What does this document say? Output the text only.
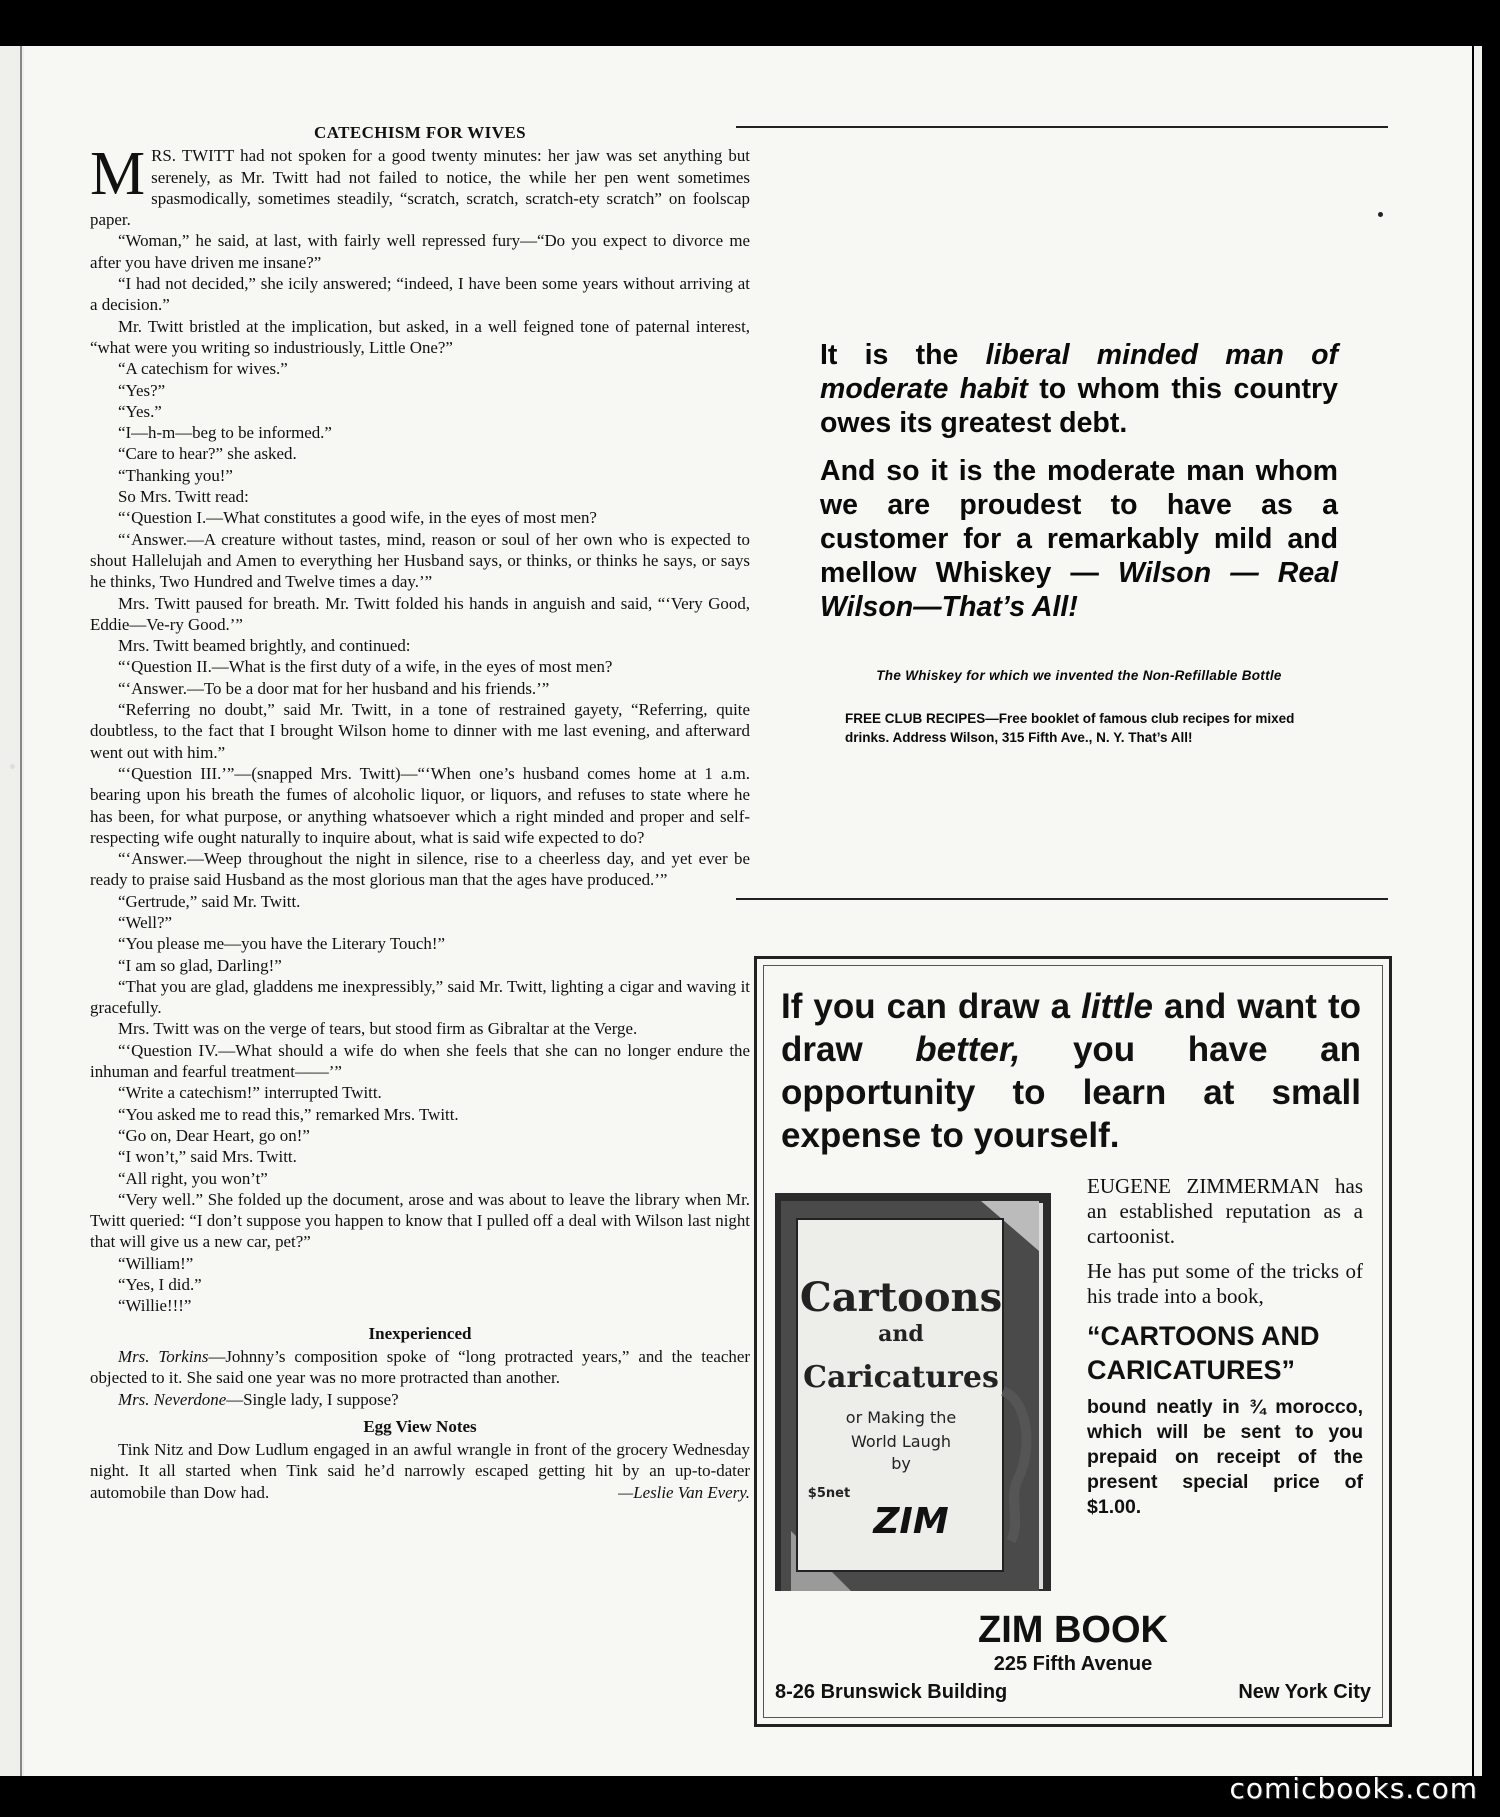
CATECHISM FOR WIVES

MRS. TWITT had not spoken for a good twenty minutes: her jaw was set anything but serenely, as Mr. Twitt had not failed to notice, the while her pen went sometimes spasmodically, sometimes steadily, “scratch, scratch, scratch-ety scratch” on foolscap paper.

“Woman,” he said, at last, with fairly well repressed fury—“Do you expect to divorce me after you have driven me insane?”

“I had not decided,” she icily answered; “indeed, I have been some years without arriving at a decision.”

Mr. Twitt bristled at the implication, but asked, in a well feigned tone of paternal interest, “what were you writing so industriously, Little One?”

“A catechism for wives.”

“Yes?”

“Yes.”

“I—h-m—beg to be informed.”

“Care to hear?” she asked.

“Thanking you!”

So Mrs. Twitt read:

“‘Question I.—What constitutes a good wife, in the eyes of most men?

“‘Answer.—A creature without tastes, mind, reason or soul of her own who is expected to shout Hallelujah and Amen to everything her Husband says, or thinks, or thinks he says, or says he thinks, Two Hundred and Twelve times a day.’”

Mrs. Twitt paused for breath. Mr. Twitt folded his hands in anguish and said, “‘Very Good, Eddie—Ve-ry Good.’”

Mrs. Twitt beamed brightly, and continued:

“‘Question II.—What is the first duty of a wife, in the eyes of most men?

“‘Answer.—To be a door mat for her husband and his friends.’”

“Referring no doubt,” said Mr. Twitt, in a tone of restrained gayety, “Referring, quite doubtless, to the fact that I brought Wilson home to dinner with me last evening, and afterward went out with him.”

“‘Question III.’”—(snapped Mrs. Twitt)—“‘When one’s husband comes home at 1 a.m. bearing upon his breath the fumes of alcoholic liquor, or liquors, and refuses to state where he has been, for what purpose, or anything whatsoever which a right minded and proper and self-respecting wife ought naturally to inquire about, what is said wife expected to do?

“‘Answer.—Weep throughout the night in silence, rise to a cheerless day, and yet ever be ready to praise said Husband as the most glorious man that the ages have produced.’”

“Gertrude,” said Mr. Twitt.

“Well?”

“You please me—you have the Literary Touch!”

“I am so glad, Darling!”

“That you are glad, gladdens me inexpressibly,” said Mr. Twitt, lighting a cigar and waving it gracefully.

Mrs. Twitt was on the verge of tears, but stood firm as Gibraltar at the Verge.

“‘Question IV.—What should a wife do when she feels that she can no longer endure the inhuman and fearful treatment——’”

“Write a catechism!” interrupted Twitt.

“You asked me to read this,” remarked Mrs. Twitt.

“Go on, Dear Heart, go on!”

“I won’t,” said Mrs. Twitt.

“All right, you won’t”

“Very well.” She folded up the document, arose and was about to leave the library when Mr. Twitt queried: “I don’t suppose you happen to know that I pulled off a deal with Wilson last night that will give us a new car, pet?”

“William!”

“Yes, I did.”

“Willie!!!”

Inexperienced

Mrs. Torkins—Johnny’s composition spoke of “long protracted years,” and the teacher objected to it. She said one year was no more protracted than another.

Mrs. Neverdone—Single lady, I suppose?

Egg View Notes

Tink Nitz and Dow Ludlum engaged in an awful wrangle in front of the grocery Wednesday night. It all started when Tink said he’d narrowly escaped getting hit by an up-to-dater automobile than Dow had.	—Leslie Van Every.

It is the liberal minded man of moderate habit to whom this country owes its greatest debt.

And so it is the moderate man whom we are proudest to have as a customer for a remarkably mild and mellow Whiskey — Wilson — Real Wilson—That’s All!

The Whiskey for which we invented the Non-Refillable Bottle
FREE CLUB RECIPES—Free booklet of famous club recipes for mixed drinks. Address Wilson, 315 Fifth Ave., N. Y. That’s All!
If you can draw a little and want to draw better, you have an opportunity to learn at small expense to yourself.
Cartoons
and
Caricatures
or Making the
World Laugh
by
$5net
ZIM

EUGENE ZIMMERMAN has an established reputation as a cartoonist.

He has put some of the tricks of his trade into a book,

“CARTOONS AND CARICATURES”

bound neatly in ¾ morocco, which will be sent to you prepaid on receipt of the present special price of $1.00.

ZIM BOOK
225 Fifth Avenue
8-26 Brunswick Building	New York City
comicbooks.com
